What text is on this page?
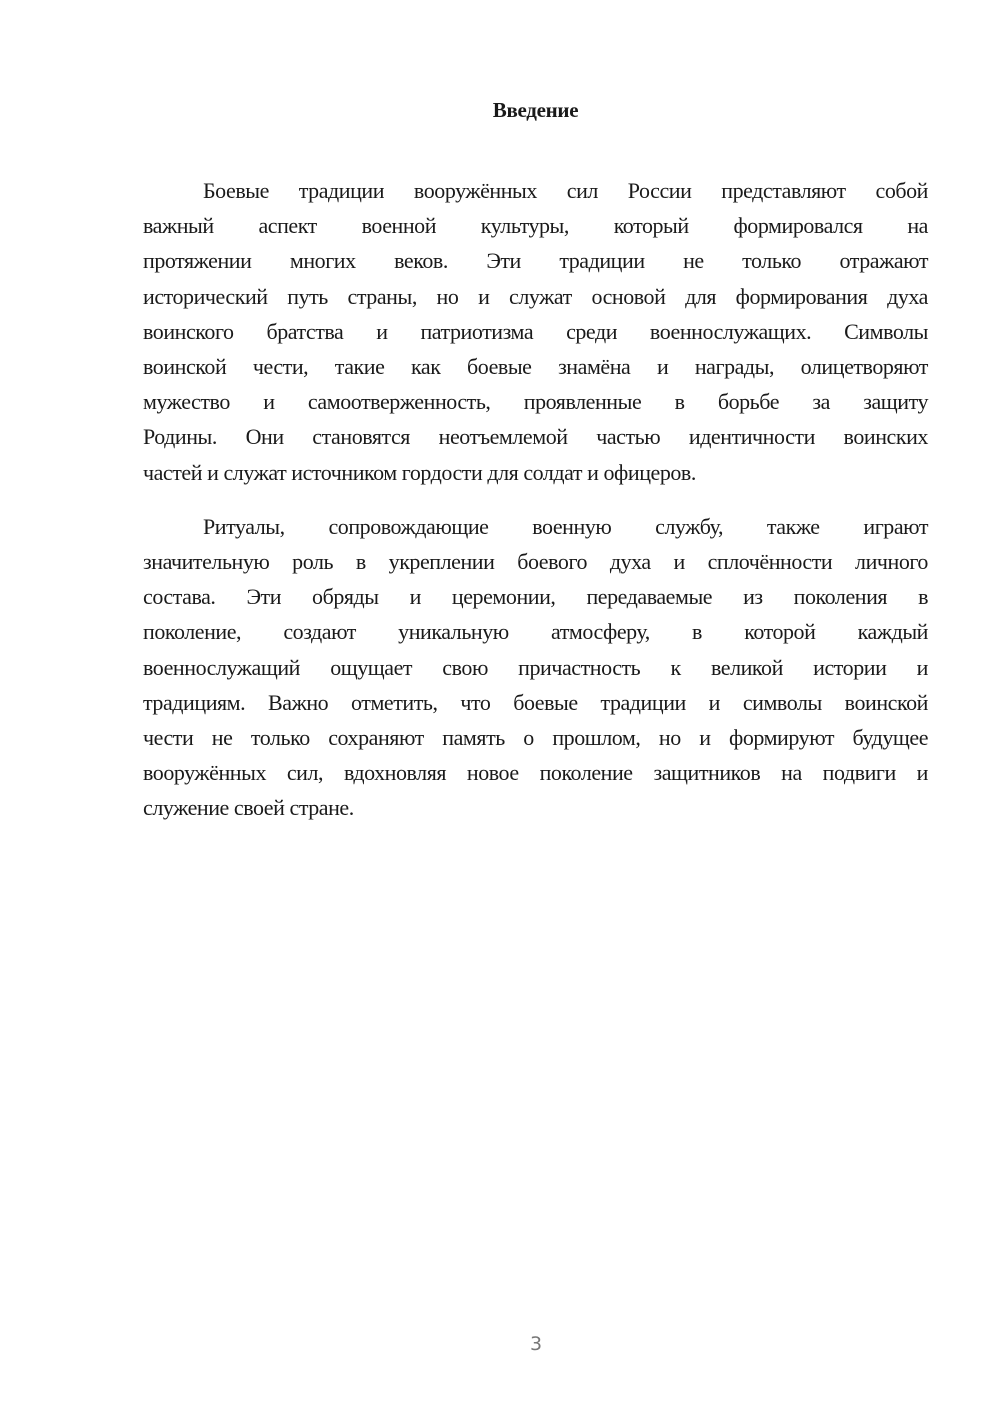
Введение

Боевые традиции вооружённых сил России представляют собой
важный аспект военной культуры, который формировался на
протяжении многих веков. Эти традиции не только отражают
исторический путь страны, но и служат основой для формирования духа
воинского братства и патриотизма среди военнослужащих. Символы
воинской чести, такие как боевые знамёна и награды, олицетворяют
мужество и самоотверженность, проявленные в борьбе за защиту
Родины. Они становятся неотъемлемой частью идентичности воинских
частей и служат источником гордости для солдат и офицеров.

Ритуалы, сопровождающие военную службу, также играют
значительную роль в укреплении боевого духа и сплочённости личного
состава. Эти обряды и церемонии, передаваемые из поколения в
поколение, создают уникальную атмосферу, в которой каждый
военнослужащий ощущает свою причастность к великой истории и
традициям. Важно отметить, что боевые традиции и символы воинской
чести не только сохраняют память о прошлом, но и формируют будущее
вооружённых сил, вдохновляя новое поколение защитников на подвиги и
служение своей стране.

3
